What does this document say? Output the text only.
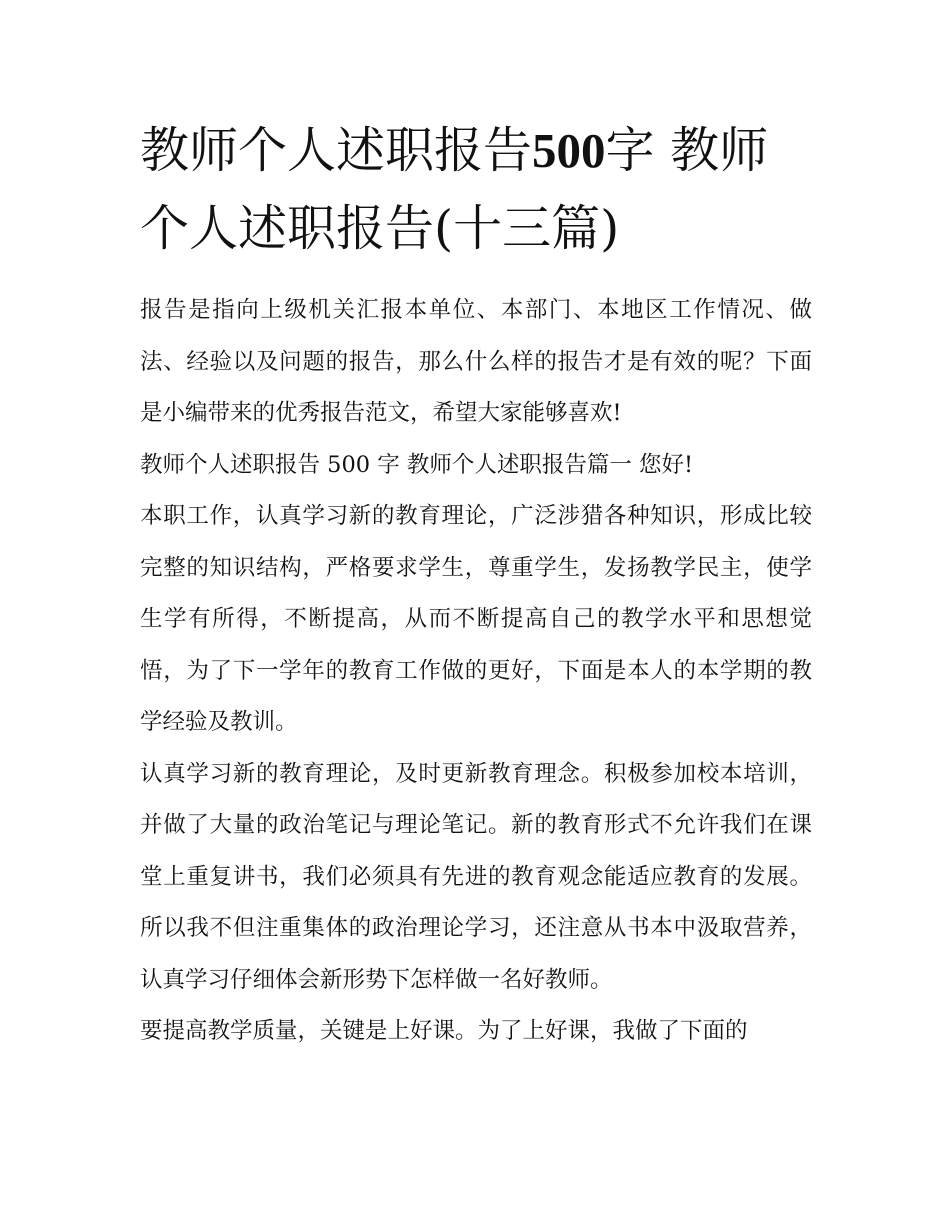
教师个人述职报告500字 教师个人述职报告(十三篇)

报告是指向上级机关汇报本单位、本部门、本地区工作情况、做法、经验以及问题的报告，那么什么样的报告才是有效的呢？下面是小编带来的优秀报告范文，希望大家能够喜欢!

教师个人述职报告 500 字 教师个人述职报告篇一 您好!

本职工作，认真学习新的教育理论，广泛涉猎各种知识，形成比较完整的知识结构，严格要求学生，尊重学生，发扬教学民主，使学生学有所得，不断提高，从而不断提高自己的教学水平和思想觉悟，为了下一学年的教育工作做的更好，下面是本人的本学期的教学经验及教训。

认真学习新的教育理论，及时更新教育理念。积极参加校本培训，并做了大量的政治笔记与理论笔记。新的教育形式不允许我们在课堂上重复讲书，我们必须具有先进的教育观念能适应教育的发展。所以我不但注重集体的政治理论学习，还注意从书本中汲取营养，认真学习仔细体会新形势下怎样做一名好教师。

要提高教学质量，关键是上好课。为了上好课，我做了下面的
